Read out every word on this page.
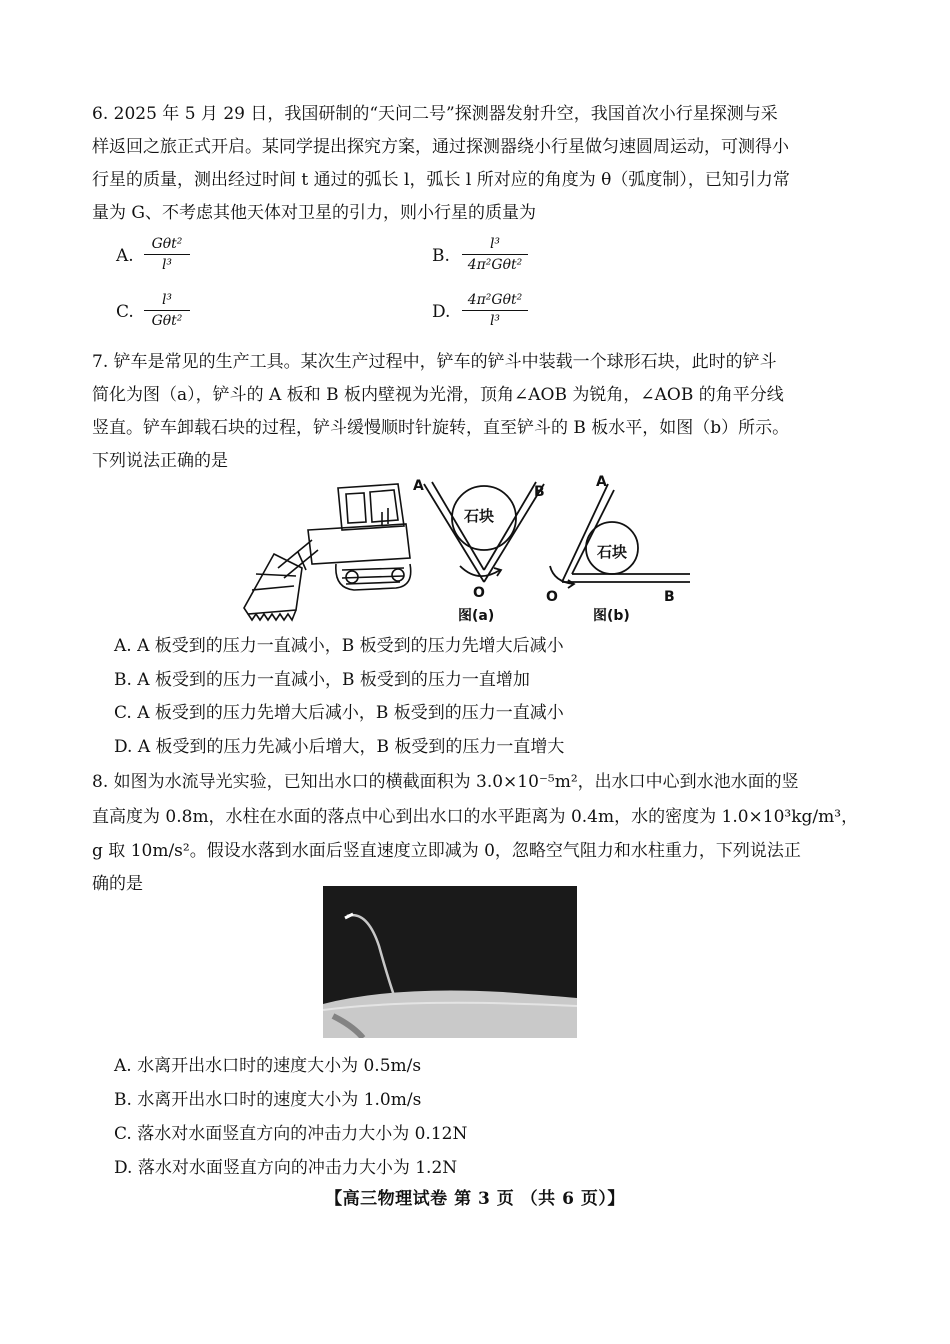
6. 2025 年 5 月 29 日，我国研制的“天问二号”探测器发射升空，我国首次小行星探测与采
样返回之旅正式开启。某同学提出探究方案，通过探测器绕小行星做匀速圆周运动，可测得小
行星的质量，测出经过时间 t 通过的弧长 l，弧长 l 所对应的角度为 θ（弧度制），已知引力常
量为 G、不考虑其他天体对卫星的引力，则小行星的质量为
A.
Gθt²
l³	B.
l³
4π²Gθt²
C.
l³
Gθt²	D.
4π²Gθt²
l³
7. 铲车是常见的生产工具。某次生产过程中，铲车的铲斗中装载一个球形石块，此时的铲斗
简化为图（a），铲斗的 A 板和 B 板内壁视为光滑，顶角∠AOB 为锐角，∠AOB 的角平分线
竖直。铲车卸载石块的过程，铲斗缓慢顺时针旋转，直至铲斗的 B 板水平，如图（b）所示。
下列说法正确的是
A	B
O
石块
图(a)
A
B
O
石块
图(b)
A. A 板受到的压力一直减小，B 板受到的压力先增大后减小
B. A 板受到的压力一直减小，B 板受到的压力一直增加
C. A 板受到的压力先增大后减小，B 板受到的压力一直减小
D. A 板受到的压力先减小后增大，B 板受到的压力一直增大
8. 如图为水流导光实验，已知出水口的横截面积为 3.0×10⁻⁵m²，出水口中心到水池水面的竖
直高度为 0.8m，水柱在水面的落点中心到出水口的水平距离为 0.4m，水的密度为 1.0×10³kg/m³，
g 取 10m/s²。假设水落到水面后竖直速度立即减为 0，忽略空气阻力和水柱重力，下列说法正
确的是
A. 水离开出水口时的速度大小为 0.5m/s
B. 水离开出水口时的速度大小为 1.0m/s
C. 落水对水面竖直方向的冲击力大小为 0.12N
D. 落水对水面竖直方向的冲击力大小为 1.2N
【高三物理试卷 第 3 页 （共 6 页）】
